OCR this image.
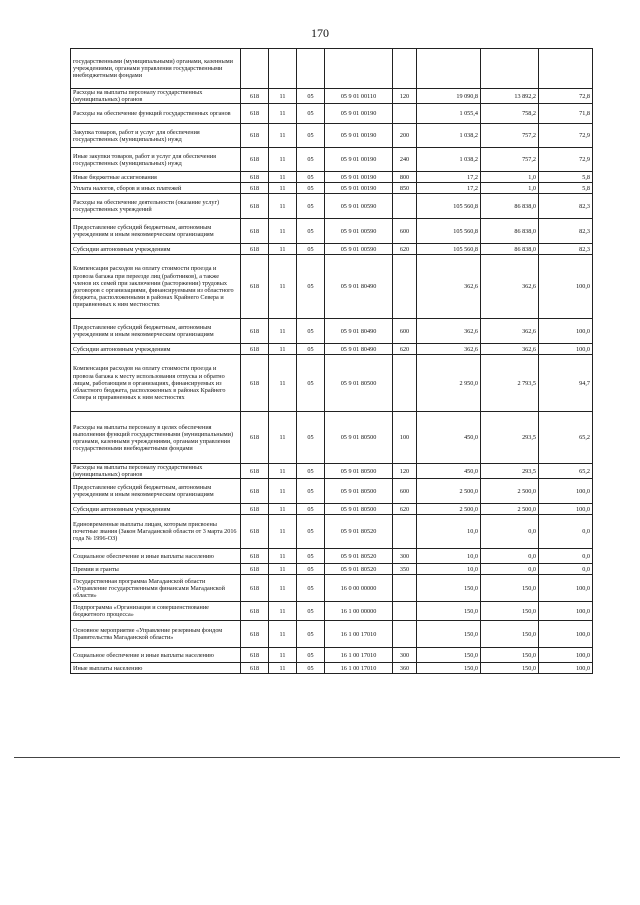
170
государственными (муниципальными) органами, казенными учреждениями, органами управления государственными внебюджетными фондами								
Расходы на выплаты персоналу государственных (муниципальных) органов	618	11	05	05 9 01 00110	120	19 090,8	13 892,2	72,8
Расходы на обеспечение функций государственных органов	618	11	05	05 9 01 00190		1 055,4	758,2	71,8
Закупка товаров, работ и услуг для обеспечения государственных (муниципальных) нужд	618	11	05	05 9 01 00190	200	1 038,2	757,2	72,9
Иные закупки товаров, работ и услуг для обеспечения государственных (муниципальных) нужд	618	11	05	05 9 01 00190	240	1 038,2	757,2	72,9
Иные бюджетные ассигнования	618	11	05	05 9 01 00190	800	17,2	1,0	5,8
Уплата налогов, сборов и иных платежей	618	11	05	05 9 01 00190	850	17,2	1,0	5,8
Расходы на обеспечение деятельности (оказание услуг) государственных учреждений	618	11	05	05 9 01 00590		105 560,8	86 838,0	82,3
Предоставление субсидий бюджетным, автономным учреждениям и иным некоммерческим организациям	618	11	05	05 9 01 00590	600	105 560,8	86 838,0	82,3
Субсидии автономным учреждениям	618	11	05	05 9 01 00590	620	105 560,8	86 838,0	82,3
Компенсация расходов на оплату стоимости проезда и провоза багажа при переезде лиц (работников), а также членов их семей при заключении (расторжении) трудовых договоров с организациями, финансируемыми из областного бюджета, расположенными в районах Крайнего Севера и приравненных к ним местностях	618	11	05	05 9 01 80490		362,6	362,6	100,0
Предоставление субсидий бюджетным, автономным учреждениям и иным некоммерческим организациям	618	11	05	05 9 01 80490	600	362,6	362,6	100,0
Субсидии автономным учреждениям	618	11	05	05 9 01 80490	620	362,6	362,6	100,0
Компенсация расходов на оплату стоимости проезда и провоза багажа к месту использования отпуска и обратно лицам, работающим в организациях, финансируемых из областного бюджета, расположенных в районах Крайнего Севера и приравненных к ним местностях	618	11	05	05 9 01 80500		2 950,0	2 793,5	94,7
Расходы на выплаты персоналу в целях обеспечения выполнения функций государственными (муниципальными) органами, казенными учреждениями, органами управления государственными внебюджетными фондами	618	11	05	05 9 01 80500	100	450,0	293,5	65,2
Расходы на выплаты персоналу государственных (муниципальных) органов	618	11	05	05 9 01 80500	120	450,0	293,5	65,2
Предоставление субсидий бюджетным, автономным учреждениям и иным некоммерческим организациям	618	11	05	05 9 01 80500	600	2 500,0	2 500,0	100,0
Субсидии автономным учреждениям	618	11	05	05 9 01 80500	620	2 500,0	2 500,0	100,0
Единовременные выплаты лицам, которым присвоены почетные звания (Закон Магаданской области от 3 марта 2016 года № 1996-ОЗ)	618	11	05	05 9 01 80520		10,0	0,0	0,0
Социальное обеспечение и иные выплаты населению	618	11	05	05 9 01 80520	300	10,0	0,0	0,0
Премии и гранты	618	11	05	05 9 01 80520	350	10,0	0,0	0,0
Государственная программа Магаданской области «Управление государственными финансами Магаданской области»	618	11	05	16 0 00 00000		150,0	150,0	100,0
Подпрограмма «Организация и совершенствование бюджетного процесса»	618	11	05	16 1 00 00000		150,0	150,0	100,0
Основное мероприятие «Управление резервным фондом Правительства Магаданской области»	618	11	05	16 1 00 17010		150,0	150,0	100,0
Социальное обеспечение и иные выплаты населению	618	11	05	16 1 00 17010	300	150,0	150,0	100,0
Иные выплаты населению	618	11	05	16 1 00 17010	360	150,0	150,0	100,0
